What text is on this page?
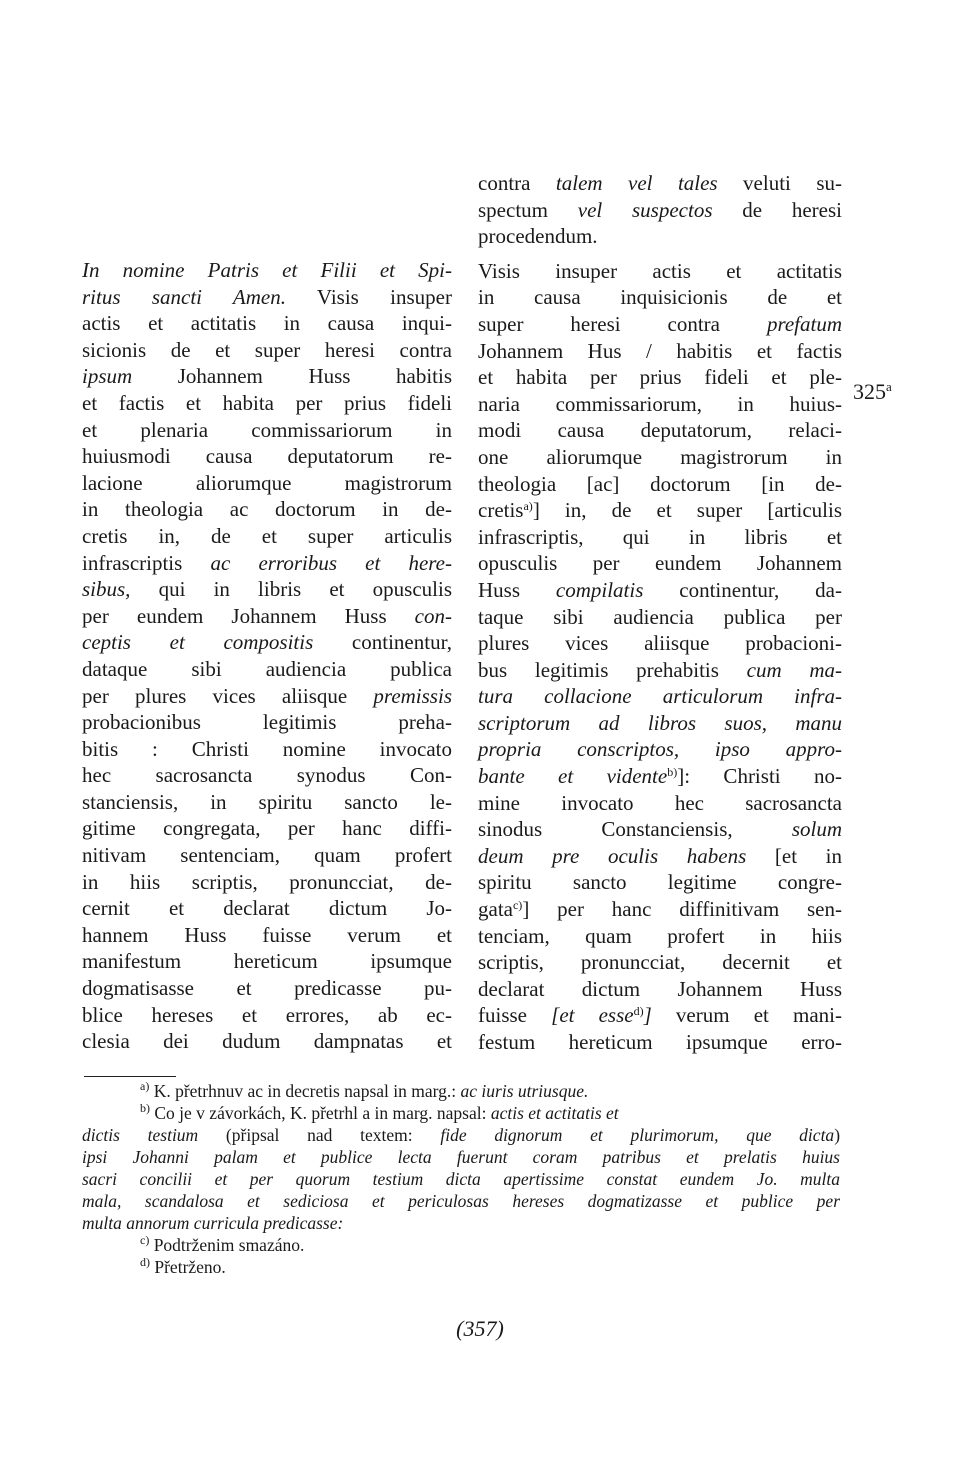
In nomine Patris et Filii et Spi-
ritus sancti Amen. Visis insuper
actis et actitatis in causa inqui-
sicionis de et super heresi contra
ipsum Johannem Huss habitis
et factis et habita per prius fideli
et plenaria commissariorum in
huiusmodi causa deputatorum re-
lacione aliorumque magistrorum
in theologia ac doctorum in de-
cretis in, de et super articulis
infrascriptis ac erroribus et here-
sibus, qui in libris et opusculis
per eundem Johannem Huss con-
ceptis et compositis continentur,
dataque sibi audiencia publica
per plures vices aliisque premissis
probacionibus legitimis preha-
bitis : Christi nomine invocato
hec sacrosancta synodus Con-
stanciensis, in spiritu sancto le-
gitime congregata, per hanc diffi-
nitivam sentenciam, quam profert
in hiis scriptis, pronuncciat, de-
cernit et declarat dictum Jo-
hannem Huss fuisse verum et
manifestum hereticum ipsumque
dogmatisasse et predicasse pu-
blice hereses et errores, ab ec-
clesia dei dudum dampnatas et
contra talem vel tales veluti su-
spectum vel suspectos de heresi
procedendum.
Visis insuper actis et actitatis
in causa inquisicionis de et
super heresi contra prefatum
Johannem Hus / habitis et factis
et habita per prius fideli et ple-
naria commissariorum, in huius-
modi causa deputatorum, relaci-
one aliorumque magistrorum in
theologia [ac] doctorum [in de-
cretis$^{a)}$] in, de et super [articulis
infrascriptis, qui in libris et
opusculis per eundem Johannem
Huss compilatis continentur, da-
taque sibi audiencia publica per
plures vices aliisque probacioni-
bus legitimis prehabitis cum ma-
tura collacione articulorum infra-
scriptorum ad libros suos, manu
propria conscriptos, ipso appro-
bante et vidente$^{b)}$]: Christi no-
mine invocato hec sacrosancta
sinodus Constanciensis, solum
deum pre oculis habens [et in
spiritu sancto legitime congre-
gata$^{c)}$] per hanc diffinitivam sen-
tenciam, quam profert in hiis
scriptis, pronuncciat, decernit et
declarat dictum Johannem Huss
fuisse [et esse$^{d)}$] verum et mani-
festum hereticum ipsumque erro-
325$^a$
$^{a)}$ K. přetrhnuv ac in decretis napsal in marg.: ac iuris utriusque.
$^{b)}$ Co je v závorkách, K. přetrhl a in marg. napsal: actis et actitatis et
dictis testium (připsal nad textem: fide dignorum et plurimorum, que dicta)
ipsi Johanni palam et publice lecta fuerunt coram patribus et prelatis huius
sacri concilii et per quorum testium dicta apertissime constat eundem Jo. multa
mala, scandalosa et sediciosa et periculosas hereses dogmatizasse et publice per
multa annorum curricula predicasse:
$^{c)}$ Podtrženim smazáno.
$^{d)}$ Přetrženo.
(357)
